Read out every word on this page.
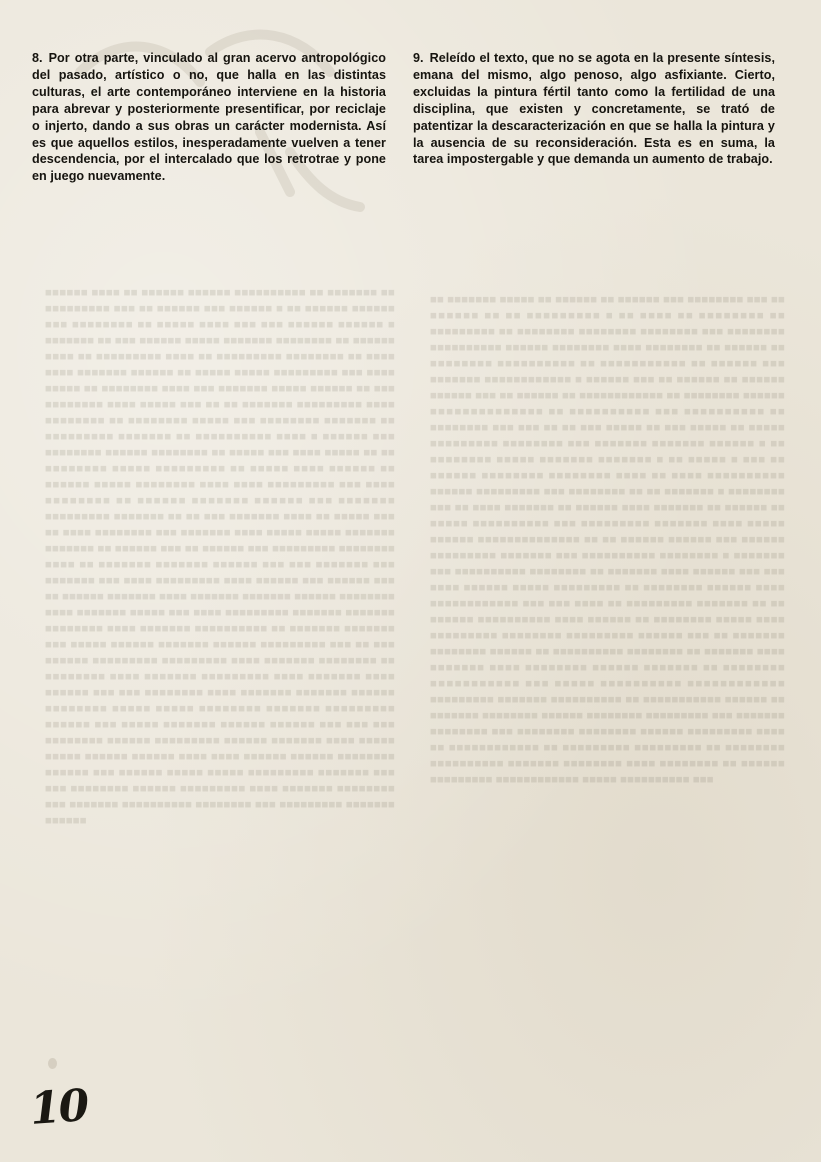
■■■■■■ ■■■■ ■■ ■■■■■■ ■■■■■■ ■■■■■■■■■■ ■■ ■■■■■■■ ■■ ■■■■■■■■■ ■■■ ■■ ■■■■■■ ■■■ ■■■■■■ ■ ■■ ■■■■■■ ■■■■■■ ■■■ ■■■■■■■■ ■■ ■■■■■ ■■■■ ■■■ ■■■ ■■■■■■ ■■■■■■ ■ ■■■■■■■ ■■ ■■■ ■■■■■■ ■■■■■ ■■■■■■■ ■■■■■■■■ ■■ ■■■■■■ ■■■■ ■■ ■■■■■■■■■ ■■■■ ■■ ■■■■■■■■■ ■■■■■■■■ ■■ ■■■■ ■■■■ ■■■■■■■ ■■■■■■ ■■ ■■■■■ ■■■■■ ■■■■■■■■■ ■■■ ■■■■ ■■■■■ ■■ ■■■■■■■■ ■■■■ ■■■ ■■■■■■■ ■■■■■ ■■■■■■ ■■ ■■■ ■■■■■■■■ ■■■■ ■■■■■ ■■■ ■■ ■■ ■■■■■■■ ■■■■■■■■■ ■■■■ ■■■■■■■■ ■■ ■■■■■■■■ ■■■■■ ■■■ ■■■■■■■■ ■■■■■■■ ■■ ■■■■■■■■■ ■■■■■■■ ■■ ■■■■■■■■■■ ■■■■ ■ ■■■■■■ ■■■ ■■■■■■■■ ■■■■■■ ■■■■■■■■ ■■ ■■■■■ ■■■ ■■■■ ■■■■■ ■■ ■■ ■■■■■■■■ ■■■■■ ■■■■■■■■■ ■■ ■■■■■ ■■■■ ■■■■■■ ■■ ■■■■■■ ■■■■■ ■■■■■■■■ ■■■■ ■■■■ ■■■■■■■■■ ■■■ ■■■■ ■■■■■■■■ ■■ ■■■■■■ ■■■■■■■ ■■■■■■ ■■■ ■■■■■■■ ■■■■■■■■■ ■■■■■■■ ■■ ■■ ■■■ ■■■■■■■ ■■■■ ■■ ■■■■■ ■■■ ■■ ■■■■ ■■■■■■■■ ■■■ ■■■■■■■ ■■■■ ■■■■■ ■■■■■ ■■■■■■■ ■■■■■■■ ■■ ■■■■■■ ■■■ ■■ ■■■■■■ ■■■ ■■■■■■■■■ ■■■■■■■■ ■■■■ ■■ ■■■■■■■ ■■■■■■■ ■■■■■■ ■■■ ■■■ ■■■■■■■ ■■■ ■■■■■■■ ■■■ ■■■■ ■■■■■■■■■ ■■■■ ■■■■■■ ■■■ ■■■■■■ ■■■ ■■ ■■■■■■ ■■■■■■■ ■■■■ ■■■■■■■ ■■■■■■■ ■■■■■■ ■■■■■■■■ ■■■■ ■■■■■■■ ■■■■■ ■■■ ■■■■ ■■■■■■■■■ ■■■■■■■ ■■■■■■■ ■■■■■■■■ ■■■■ ■■■■■■■ ■■■■■■■■■■ ■■ ■■■■■■■ ■■■■■■■ ■■■ ■■■■■ ■■■■■■ ■■■■■■■ ■■■■■■ ■■■■■■■■■ ■■■ ■■ ■■■ ■■■■■■ ■■■■■■■■■ ■■■■■■■■■ ■■■■ ■■■■■■■ ■■■■■■■■ ■■ ■■■■■■■■ ■■■■ ■■■■■■■ ■■■■■■■■■ ■■■■ ■■■■■■■ ■■■■ ■■■■■■ ■■■ ■■■ ■■■■■■■■ ■■■■ ■■■■■■■ ■■■■■■■ ■■■■■■ ■■■■■■■■ ■■■■■ ■■■■■ ■■■■■■■■ ■■■■■■■ ■■■■■■■■■ ■■■■■■ ■■■ ■■■■■ ■■■■■■■ ■■■■■■ ■■■■■■ ■■■ ■■■ ■■■ ■■■■■■■■ ■■■■■■ ■■■■■■■■■ ■■■■■■ ■■■■■■■ ■■■■ ■■■■■ ■■■■■ ■■■■■■ ■■■■■■ ■■■■ ■■■■ ■■■■■■ ■■■■■■ ■■■■■■■■ ■■■■■■ ■■■ ■■■■■■ ■■■■■ ■■■■■ ■■■■■■■■■ ■■■■■■■ ■■■ ■■■ ■■■■■■■■ ■■■■■■ ■■■■■■■■■ ■■■■ ■■■■■■■ ■■■■■■■■ ■■■ ■■■■■■■ ■■■■■■■■■■ ■■■■■■■■ ■■■ ■■■■■■■■■ ■■■■■■■ ■■■■■■
■■ ■■■■■■■ ■■■■■ ■■ ■■■■■■ ■■ ■■■■■■ ■■■ ■■■■■■■■ ■■■ ■■ ■■■■■■ ■■ ■■ ■■■■■■■■■ ■ ■■ ■■■■ ■■ ■■■■■■■■ ■■ ■■■■■■■■■ ■■ ■■■■■■■■ ■■■■■■■■ ■■■■■■■■ ■■■ ■■■■■■■■ ■■■■■■■■■■ ■■■■■■ ■■■■■■■■ ■■■■ ■■■■■■■■ ■■ ■■■■■■ ■■ ■■■■■■■■ ■■■■■■■■■■ ■■ ■■■■■■■■■■■ ■■ ■■■■■■ ■■■ ■■■■■■■ ■■■■■■■■■■■■ ■ ■■■■■■ ■■■ ■■ ■■■■■■ ■■ ■■■■■■ ■■■■■■ ■■■ ■■ ■■■■■■ ■■ ■■■■■■■■■■■■ ■■ ■■■■■■■■ ■■■■■■ ■■■■■■■■■■■■■■ ■■ ■■■■■■■■■■ ■■■ ■■■■■■■■■■ ■■ ■■■■■■■■ ■■■ ■■■ ■■ ■■ ■■■ ■■■■■ ■■ ■■■ ■■■■■ ■■ ■■■■■ ■■■■■■■■■ ■■■■■■■■ ■■■ ■■■■■■■ ■■■■■■■ ■■■■■■ ■ ■■ ■■■■■■■■ ■■■■■ ■■■■■■■ ■■■■■■■ ■ ■■ ■■■■■ ■ ■■■ ■■ ■■■■■■ ■■■■■■■■ ■■■■■■■■ ■■■■ ■■ ■■■■ ■■■■■■■■■■ ■■■■■■ ■■■■■■■■■ ■■■ ■■■■■■■■ ■■ ■■ ■■■■■■■ ■ ■■■■■■■■ ■■■ ■■ ■■■■ ■■■■■■■ ■■ ■■■■■■ ■■■■ ■■■■■■■ ■■ ■■■■■■ ■■ ■■■■■ ■■■■■■■■■■ ■■■ ■■■■■■■■■ ■■■■■■■ ■■■■ ■■■■■ ■■■■■■ ■■■■■■■■■■■■■■ ■■ ■■ ■■■■■■ ■■■■■■ ■■■ ■■■■■■ ■■■■■■■■■ ■■■■■■■ ■■■ ■■■■■■■■■■ ■■■■■■■■ ■ ■■■■■■■ ■■■ ■■■■■■■■■■ ■■■■■■■■ ■■ ■■■■■■■ ■■■■ ■■■■■■ ■■■ ■■■ ■■■■ ■■■■■■ ■■■■■ ■■■■■■■■■ ■■ ■■■■■■■■ ■■■■■■ ■■■■ ■■■■■■■■■■■■ ■■■ ■■■ ■■■■ ■■ ■■■■■■■■■ ■■■■■■■ ■■ ■■ ■■■■■■ ■■■■■■■■■■ ■■■■ ■■■■■■ ■■ ■■■■■■■■ ■■■■■ ■■■■ ■■■■■■■■■ ■■■■■■■■ ■■■■■■■■■ ■■■■■■ ■■■ ■■ ■■■■■■■ ■■■■■■■■ ■■■■■■ ■■ ■■■■■■■■■■ ■■■■■■■■ ■■ ■■■■■■■ ■■■■ ■■■■■■■ ■■■■ ■■■■■■■■ ■■■■■■ ■■■■■■■ ■■ ■■■■■■■■ ■■■■■■■■■■■ ■■■ ■■■■■ ■■■■■■■■■■ ■■■■■■■■■■■■ ■■■■■■■■■ ■■■■■■■ ■■■■■■■■■■ ■■ ■■■■■■■■■■■ ■■■■■■ ■■ ■■■■■■■ ■■■■■■■■ ■■■■■■ ■■■■■■■■ ■■■■■■■■■ ■■■ ■■■■■■■ ■■■■■■■■ ■■■ ■■■■■■■■ ■■■■■■■■ ■■■■■■ ■■■■■■■■■ ■■■■ ■■ ■■■■■■■■■■■■ ■■ ■■■■■■■■■ ■■■■■■■■■ ■■ ■■■■■■■■ ■■■■■■■■■■ ■■■■■■■ ■■■■■■■■ ■■■■ ■■■■■■■■ ■■ ■■■■■■ ■■■■■■■■■ ■■■■■■■■■■■■ ■■■■■ ■■■■■■■■■■ ■■■

8. Por otra parte, vinculado al gran acervo antropológico del pasado, artístico o no, que halla en las distintas culturas, el arte contemporáneo interviene en la historia para abrevar y posteriormente presentificar, por reciclaje o injerto, dando a sus obras un carácter modernista. Así es que aquellos estilos, inesperadamente vuelven a tener descendencia, por el intercalado que los retrotrae y pone en juego nuevamente.

9. Releído el texto, que no se agota en la presente síntesis, emana del mismo, algo penoso, algo asfixiante. Cierto, excluidas la pintura fértil tanto como la fertilidad de una disciplina, que existen y concretamente, se trató de patentizar la descaracterización en que se halla la pintura y la ausencia de su reconsideración. Esta es en suma, la tarea impostergable y que demanda un aumento de trabajo.

10
